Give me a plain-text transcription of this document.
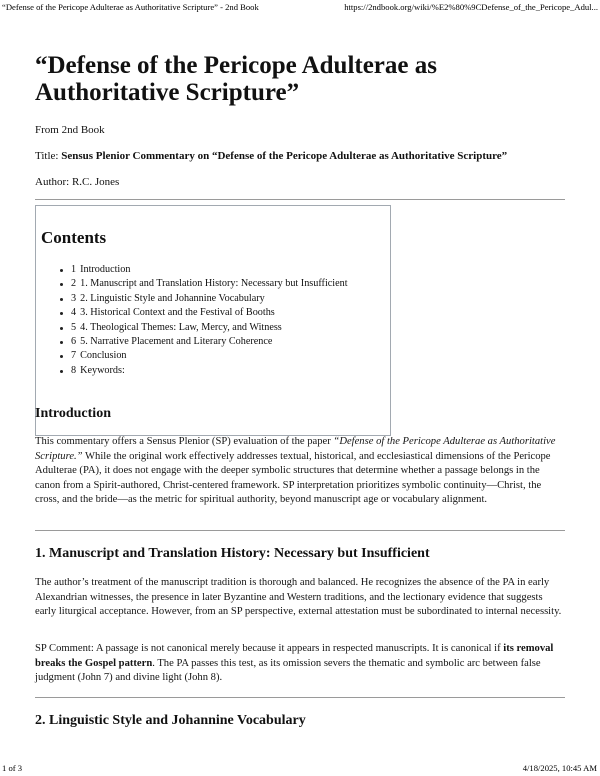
“Defense of the Pericope Adulterae as Authoritative Scripture” - 2nd Book	https://2ndbook.org/wiki/%E2%80%9CDefense_of_the_Pericope_Adul...
“Defense of the Pericope Adulterae as Authoritative Scripture”

From 2nd Book

Title: Sensus Plenior Commentary on “Defense of the Pericope Adulterae as Authoritative Scripture”

Author: R.C. Jones

Contents
1 Introduction
2 1. Manuscript and Translation History: Necessary but Insufficient
3 2. Linguistic Style and Johannine Vocabulary
4 3. Historical Context and the Festival of Booths
5 4. Theological Themes: Law, Mercy, and Witness
6 5. Narrative Placement and Literary Coherence
7 Conclusion
8 Keywords:
Introduction

This commentary offers a Sensus Plenior (SP) evaluation of the paper “Defense of the Pericope Adulterae as Authoritative Scripture.” While the original work effectively addresses textual, historical, and ecclesiastical dimensions of the Pericope Adulterae (PA), it does not engage with the deeper symbolic structures that determine whether a passage belongs in the canon from a Spirit-authored, Christ-centered framework. SP interpretation prioritizes symbolic continuity—Christ, the cross, and the bride—as the metric for spiritual authority, beyond manuscript age or vocabulary alignment.

1. Manuscript and Translation History: Necessary but Insufficient

The author’s treatment of the manuscript tradition is thorough and balanced. He recognizes the absence of the PA in early Alexandrian witnesses, the presence in later Byzantine and Western traditions, and the lectionary evidence that suggests early liturgical acceptance. However, from an SP perspective, external attestation must be subordinated to internal necessity.

SP Comment: A passage is not canonical merely because it appears in respected manuscripts. It is canonical if its removal breaks the Gospel pattern. The PA passes this test, as its omission severs the thematic and symbolic arc between false judgment (John 7) and divine light (John 8).

2. Linguistic Style and Johannine Vocabulary
1 of 3	4/18/2025, 10:45 AM
